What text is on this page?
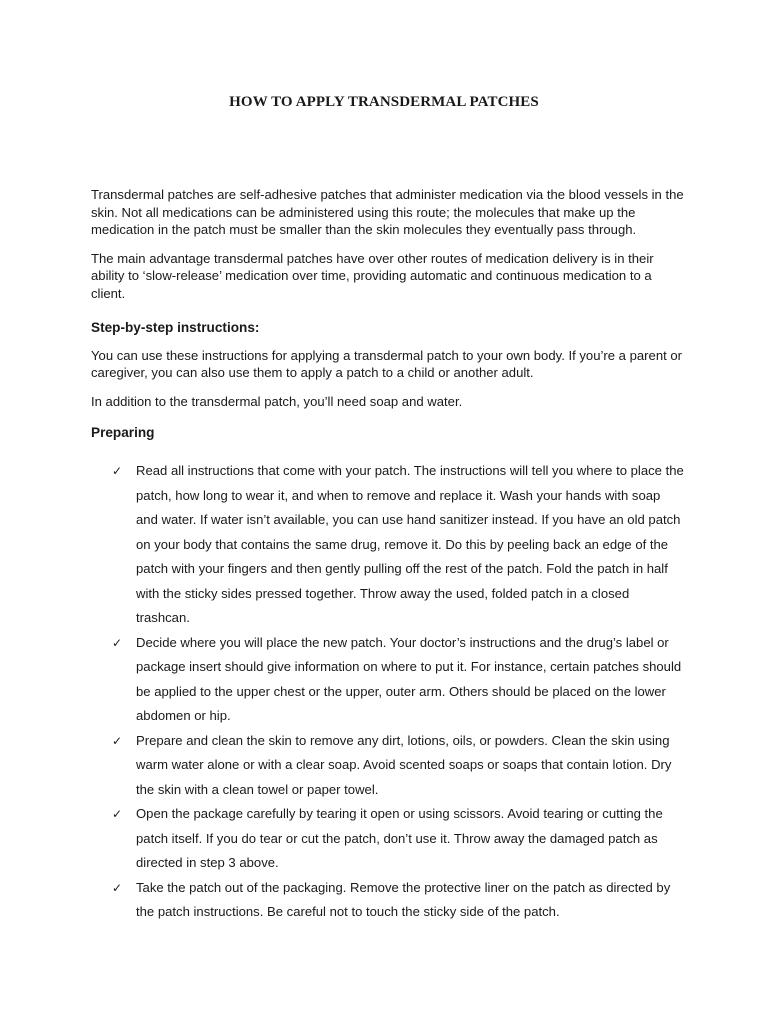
HOW TO APPLY TRANSDERMAL PATCHES

Transdermal patches are self-adhesive patches that administer medication via the blood vessels in the skin. Not all medications can be administered using this route; the molecules that make up the medication in the patch must be smaller than the skin molecules they eventually pass through.

The main advantage transdermal patches have over other routes of medication delivery is in their ability to ‘slow-release’ medication over time, providing automatic and continuous medication to a client.

Step-by-step instructions:

You can use these instructions for applying a transdermal patch to your own body. If you’re a parent or caregiver, you can also use them to apply a patch to a child or another adult.

In addition to the transdermal patch, you’ll need soap and water.

Preparing
✓	Read all instructions that come with your patch. The instructions will tell you where to place the patch, how long to wear it, and when to remove and replace it. Wash your hands with soap and water. If water isn’t available, you can use hand sanitizer instead. If you have an old patch on your body that contains the same drug, remove it. Do this by peeling back an edge of the patch with your fingers and then gently pulling off the rest of the patch. Fold the patch in half with the sticky sides pressed together. Throw away the used, folded patch in a closed trashcan.
✓	Decide where you will place the new patch. Your doctor’s instructions and the drug’s label or package insert should give information on where to put it. For instance, certain patches should be applied to the upper chest or the upper, outer arm. Others should be placed on the lower abdomen or hip.
✓	Prepare and clean the skin to remove any dirt, lotions, oils, or powders. Clean the skin using warm water alone or with a clear soap. Avoid scented soaps or soaps that contain lotion. Dry the skin with a clean towel or paper towel.
✓	Open the package carefully by tearing it open or using scissors. Avoid tearing or cutting the patch itself. If you do tear or cut the patch, don’t use it. Throw away the damaged patch as directed in step 3 above.
✓	Take the patch out of the packaging. Remove the protective liner on the patch as directed by the patch instructions. Be careful not to touch the sticky side of the patch.
